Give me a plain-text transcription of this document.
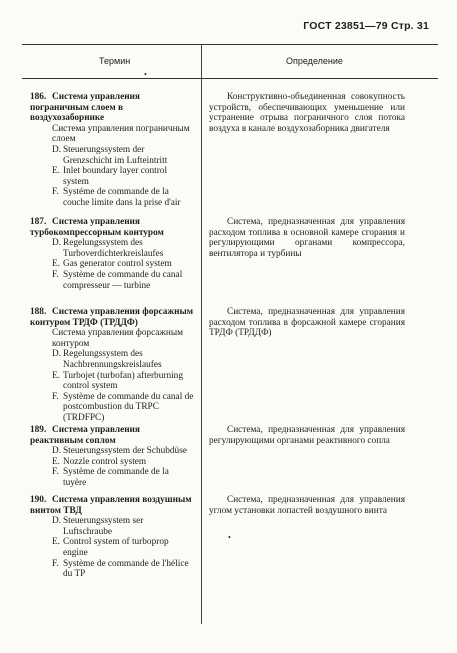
ГОСТ 23851—79 Стр. 31
Термин	Определение
•
186. Система управления пограничным слоем в воздухозаборнике
Система управления пограничным слоем
D. Steuerungssystem der Grenzschicht im Lufteintritt
E. Inlet boundary layer control system
F. Systéme de commande de la couche limite dans la prise d'air
Конструктивно-объединенная совокупность устройств, обеспечивающих уменьшение или устранение отрыва пограничного слоя потока воздуха в канале воздухозаборника двигателя
187. Система управления турбокомпрессорным контуром
D. Regelungssystem des Turboverdichterkreislaufes
E. Gas generator control system
F. Système de commande du canal compresseur — turbine
Система, предназначенная для управления расходом топлива в основной камере сгорания и регулирующими органами компрессора, вентилятора и турбины
188. Система управления форсажным контуром ТРДФ (ТРДДФ)
Система управления форсажным контуром
D. Regelungssystem des Nachbrennungskreislaufes
E. Turbojet (turbofan) afterburning control system
F. Système de commande du canal de postcombustion du TRPC (TRDFPC)
Система, предназначенная для управления расходом топлива в форсажной камере сгорания ТРДФ (ТРДДФ)
189. Система управления реактивным соплом
D. Steuerungssystem der Schubdüse
E. Nozzle control system
F. Système de commande de la tuyère
Система, предназначенная для управления регулирующими органами реактивного сопла
190. Система управления воздушным винтом ТВД
D. Steuerungssystem ser Luftschraube
E. Control system of turboprop engine
F. Système de commande de l'hélice du TP
Система, предназначенная для управления углом установки лопастей воздушного винта
•
